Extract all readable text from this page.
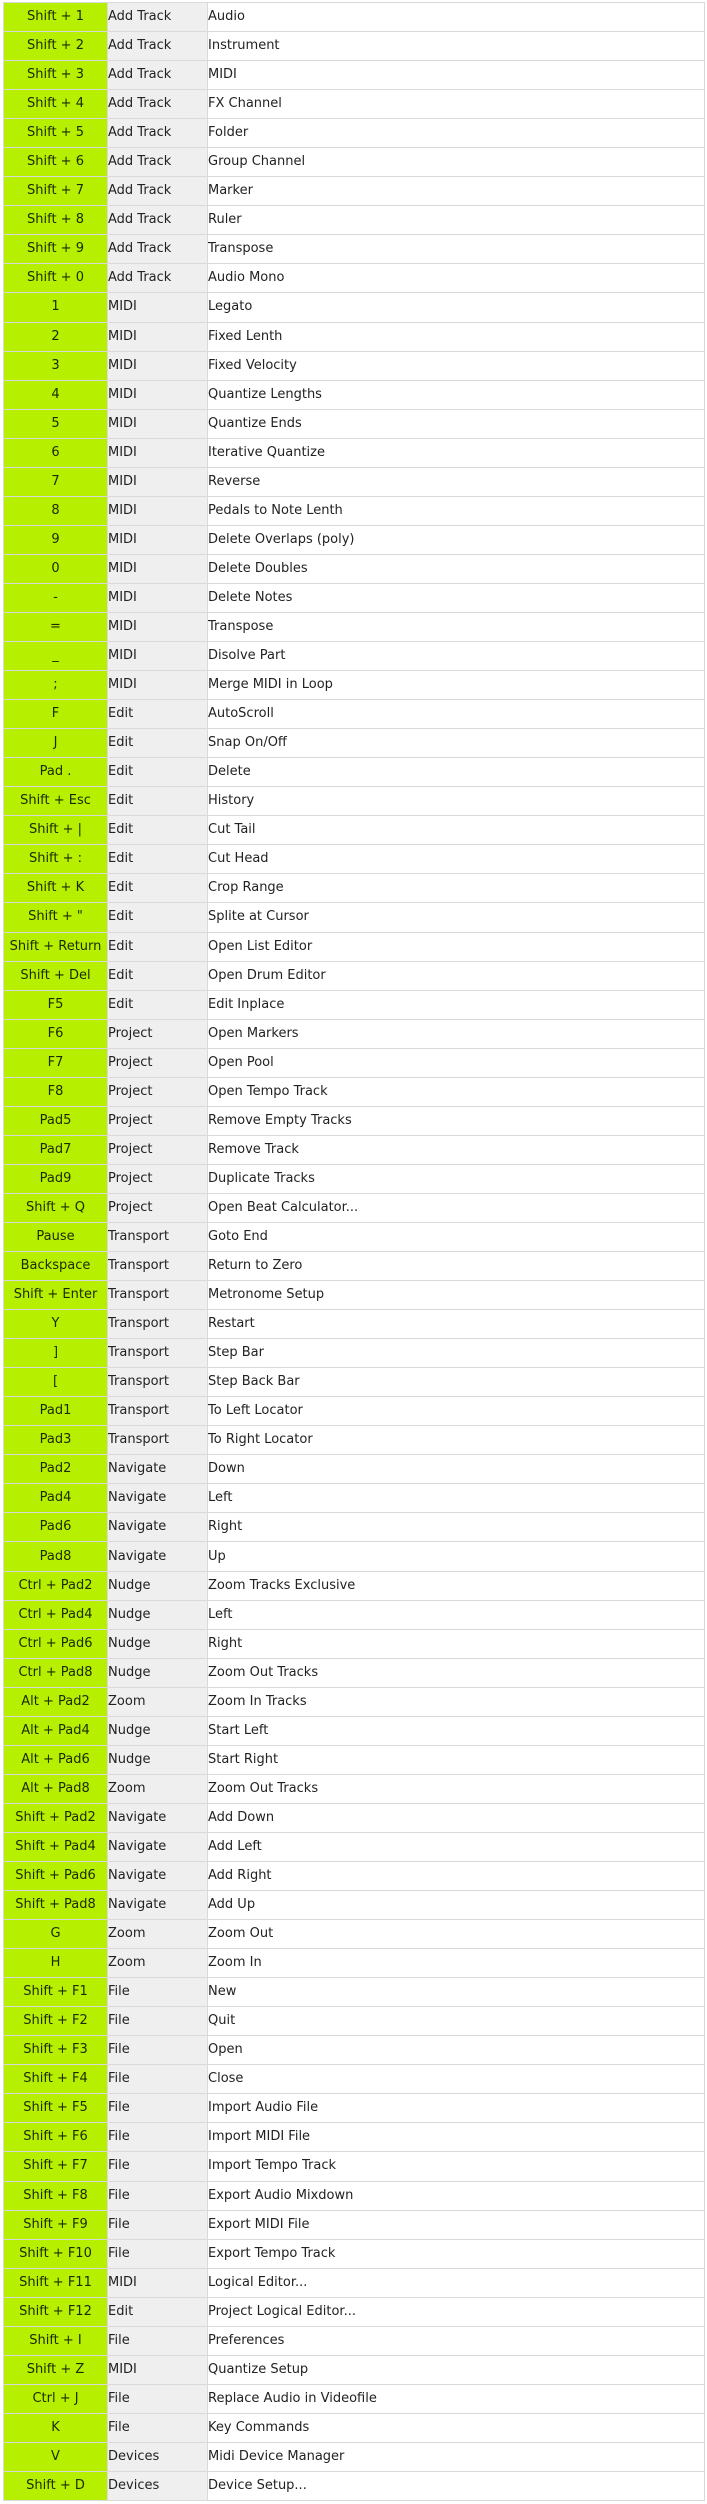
Shift + 1	Add Track	Audio
Shift + 2	Add Track	Instrument
Shift + 3	Add Track	MIDI
Shift + 4	Add Track	FX Channel
Shift + 5	Add Track	Folder
Shift + 6	Add Track	Group Channel
Shift + 7	Add Track	Marker
Shift + 8	Add Track	Ruler
Shift + 9	Add Track	Transpose
Shift + 0	Add Track	Audio Mono
1	MIDI	Legato
2	MIDI	Fixed Lenth
3	MIDI	Fixed Velocity
4	MIDI	Quantize Lengths
5	MIDI	Quantize Ends
6	MIDI	Iterative Quantize
7	MIDI	Reverse
8	MIDI	Pedals to Note Lenth
9	MIDI	Delete Overlaps (poly)
0	MIDI	Delete Doubles
-	MIDI	Delete Notes
=	MIDI	Transpose
_	MIDI	Disolve Part
;	MIDI	Merge MIDI in Loop
F	Edit	AutoScroll
J	Edit	Snap On/Off
Pad .	Edit	Delete
Shift + Esc	Edit	History
Shift + |	Edit	Cut Tail
Shift + :	Edit	Cut Head
Shift + K	Edit	Crop Range
Shift + "	Edit	Splite at Cursor
Shift + Return	Edit	Open List Editor
Shift + Del	Edit	Open Drum Editor
F5	Edit	Edit Inplace
F6	Project	Open Markers
F7	Project	Open Pool
F8	Project	Open Tempo Track
Pad5	Project	Remove Empty Tracks
Pad7	Project	Remove Track
Pad9	Project	Duplicate Tracks
Shift + Q	Project	Open Beat Calculator...
Pause	Transport	Goto End
Backspace	Transport	Return to Zero
Shift + Enter	Transport	Metronome Setup
Y	Transport	Restart
]	Transport	Step Bar
[	Transport	Step Back Bar
Pad1	Transport	To Left Locator
Pad3	Transport	To Right Locator
Pad2	Navigate	Down
Pad4	Navigate	Left
Pad6	Navigate	Right
Pad8	Navigate	Up
Ctrl + Pad2	Nudge	Zoom Tracks Exclusive
Ctrl + Pad4	Nudge	Left
Ctrl + Pad6	Nudge	Right
Ctrl + Pad8	Nudge	Zoom Out Tracks
Alt + Pad2	Zoom	Zoom In Tracks
Alt + Pad4	Nudge	Start Left
Alt + Pad6	Nudge	Start Right
Alt + Pad8	Zoom	Zoom Out Tracks
Shift + Pad2	Navigate	Add Down
Shift + Pad4	Navigate	Add Left
Shift + Pad6	Navigate	Add Right
Shift + Pad8	Navigate	Add Up
G	Zoom	Zoom Out
H	Zoom	Zoom In
Shift + F1	File	New
Shift + F2	File	Quit
Shift + F3	File	Open
Shift + F4	File	Close
Shift + F5	File	Import Audio File
Shift + F6	File	Import MIDI File
Shift + F7	File	Import Tempo Track
Shift + F8	File	Export Audio Mixdown
Shift + F9	File	Export MIDI File
Shift + F10	File	Export Tempo Track
Shift + F11	MIDI	Logical Editor...
Shift + F12	Edit	Project Logical Editor...
Shift + I	File	Preferences
Shift + Z	MIDI	Quantize Setup
Ctrl + J	File	Replace Audio in Videofile
K	File	Key Commands
V	Devices	Midi Device Manager
Shift + D	Devices	Device Setup...
